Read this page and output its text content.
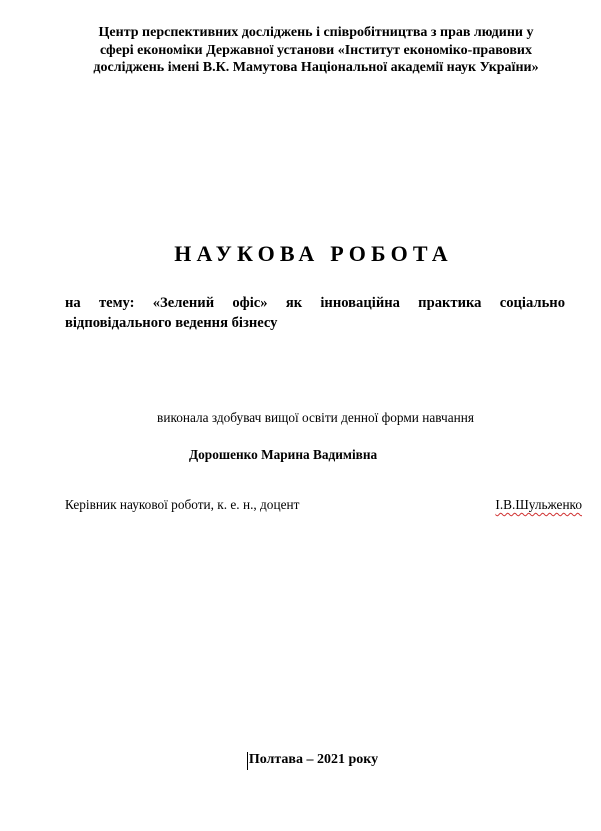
Центр перспективних досліджень і співробітництва з прав людини у
сфері економіки Державної установи «Інститут економіко-правових
досліджень імені В.К. Мамутова Національної академії наук України»
НАУКОВА РОБОТА
на тему: «Зелений офіс» як інноваційна практика соціально
відповідального ведення бізнесу
виконала здобувач вищої освіти денної форми навчання
Дорошенко Марина Вадимівна
Керівник наукової роботи, к. е. н., доцент	І.В.Шульженко
Полтава – 2021 року
